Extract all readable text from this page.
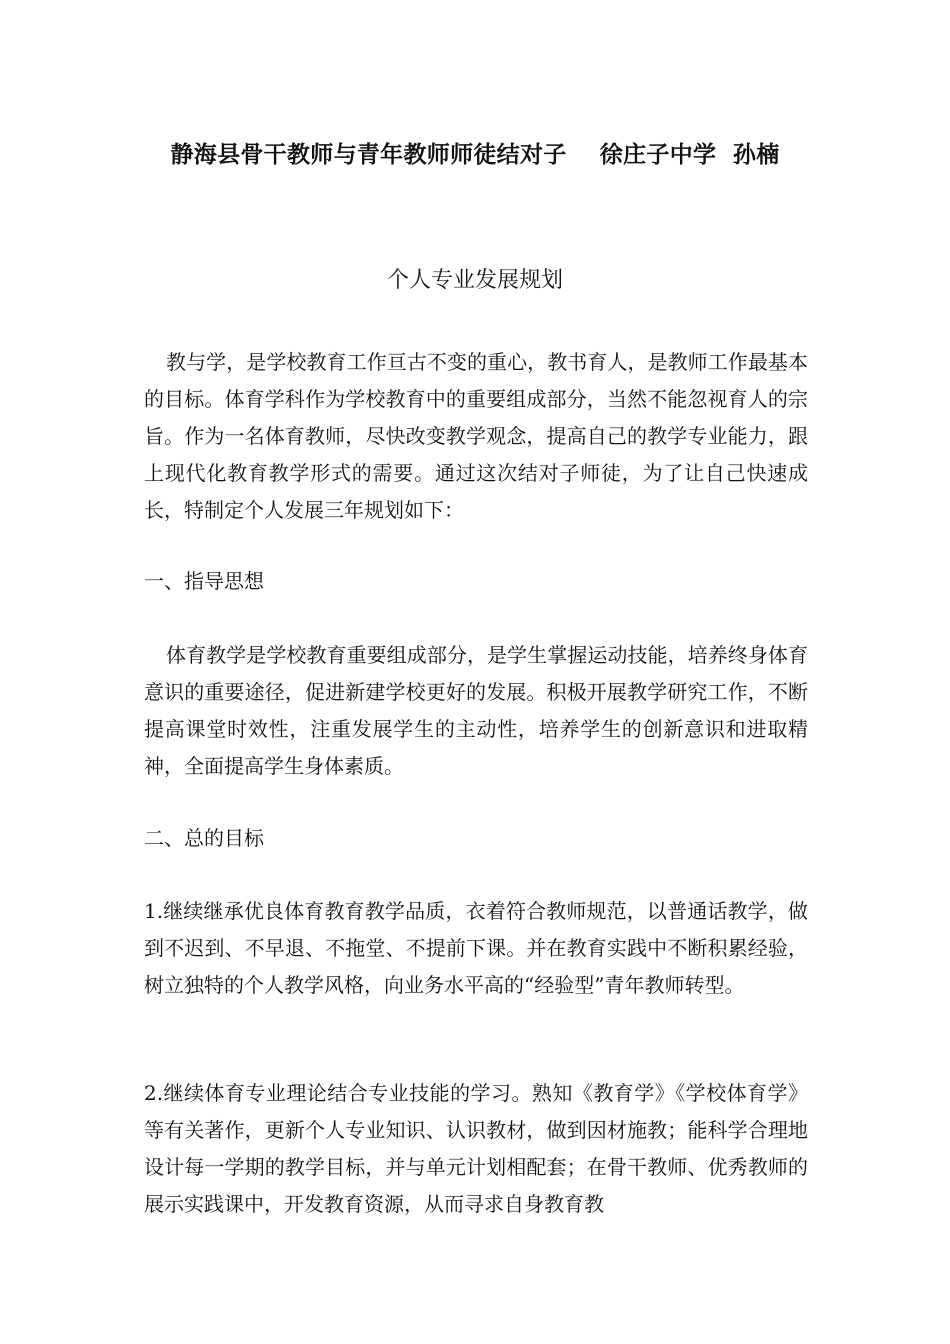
静海县骨干教师与青年教师师徒结对子    徐庄子中学  孙楠
个人专业发展规划

教与学，是学校教育工作亘古不变的重心，教书育人，是教师工作最基本的目标。体育学科作为学校教育中的重要组成部分，当然不能忽视育人的宗旨。作为一名体育教师，尽快改变教学观念，提高自己的教学专业能力，跟上现代化教育教学形式的需要。通过这次结对子师徒，为了让自己快速成长，特制定个人发展三年规划如下：

一、指导思想

体育教学是学校教育重要组成部分，是学生掌握运动技能，培养终身体育意识的重要途径，促进新建学校更好的发展。积极开展教学研究工作，不断提高课堂时效性，注重发展学生的主动性，培养学生的创新意识和进取精神，全面提高学生身体素质。

二、总的目标

1.继续继承优良体育教育教学品质，衣着符合教师规范，以普通话教学，做到不迟到、不早退、不拖堂、不提前下课。并在教育实践中不断积累经验，树立独特的个人教学风格，向业务水平高的“经验型”青年教师转型。

2.继续体育专业理论结合专业技能的学习。熟知《教育学》《学校体育学》等有关著作，更新个人专业知识、认识教材，做到因材施教；能科学合理地设计每一学期的教学目标，并与单元计划相配套；在骨干教师、优秀教师的展示实践课中，开发教育资源，从而寻求自身教育教
